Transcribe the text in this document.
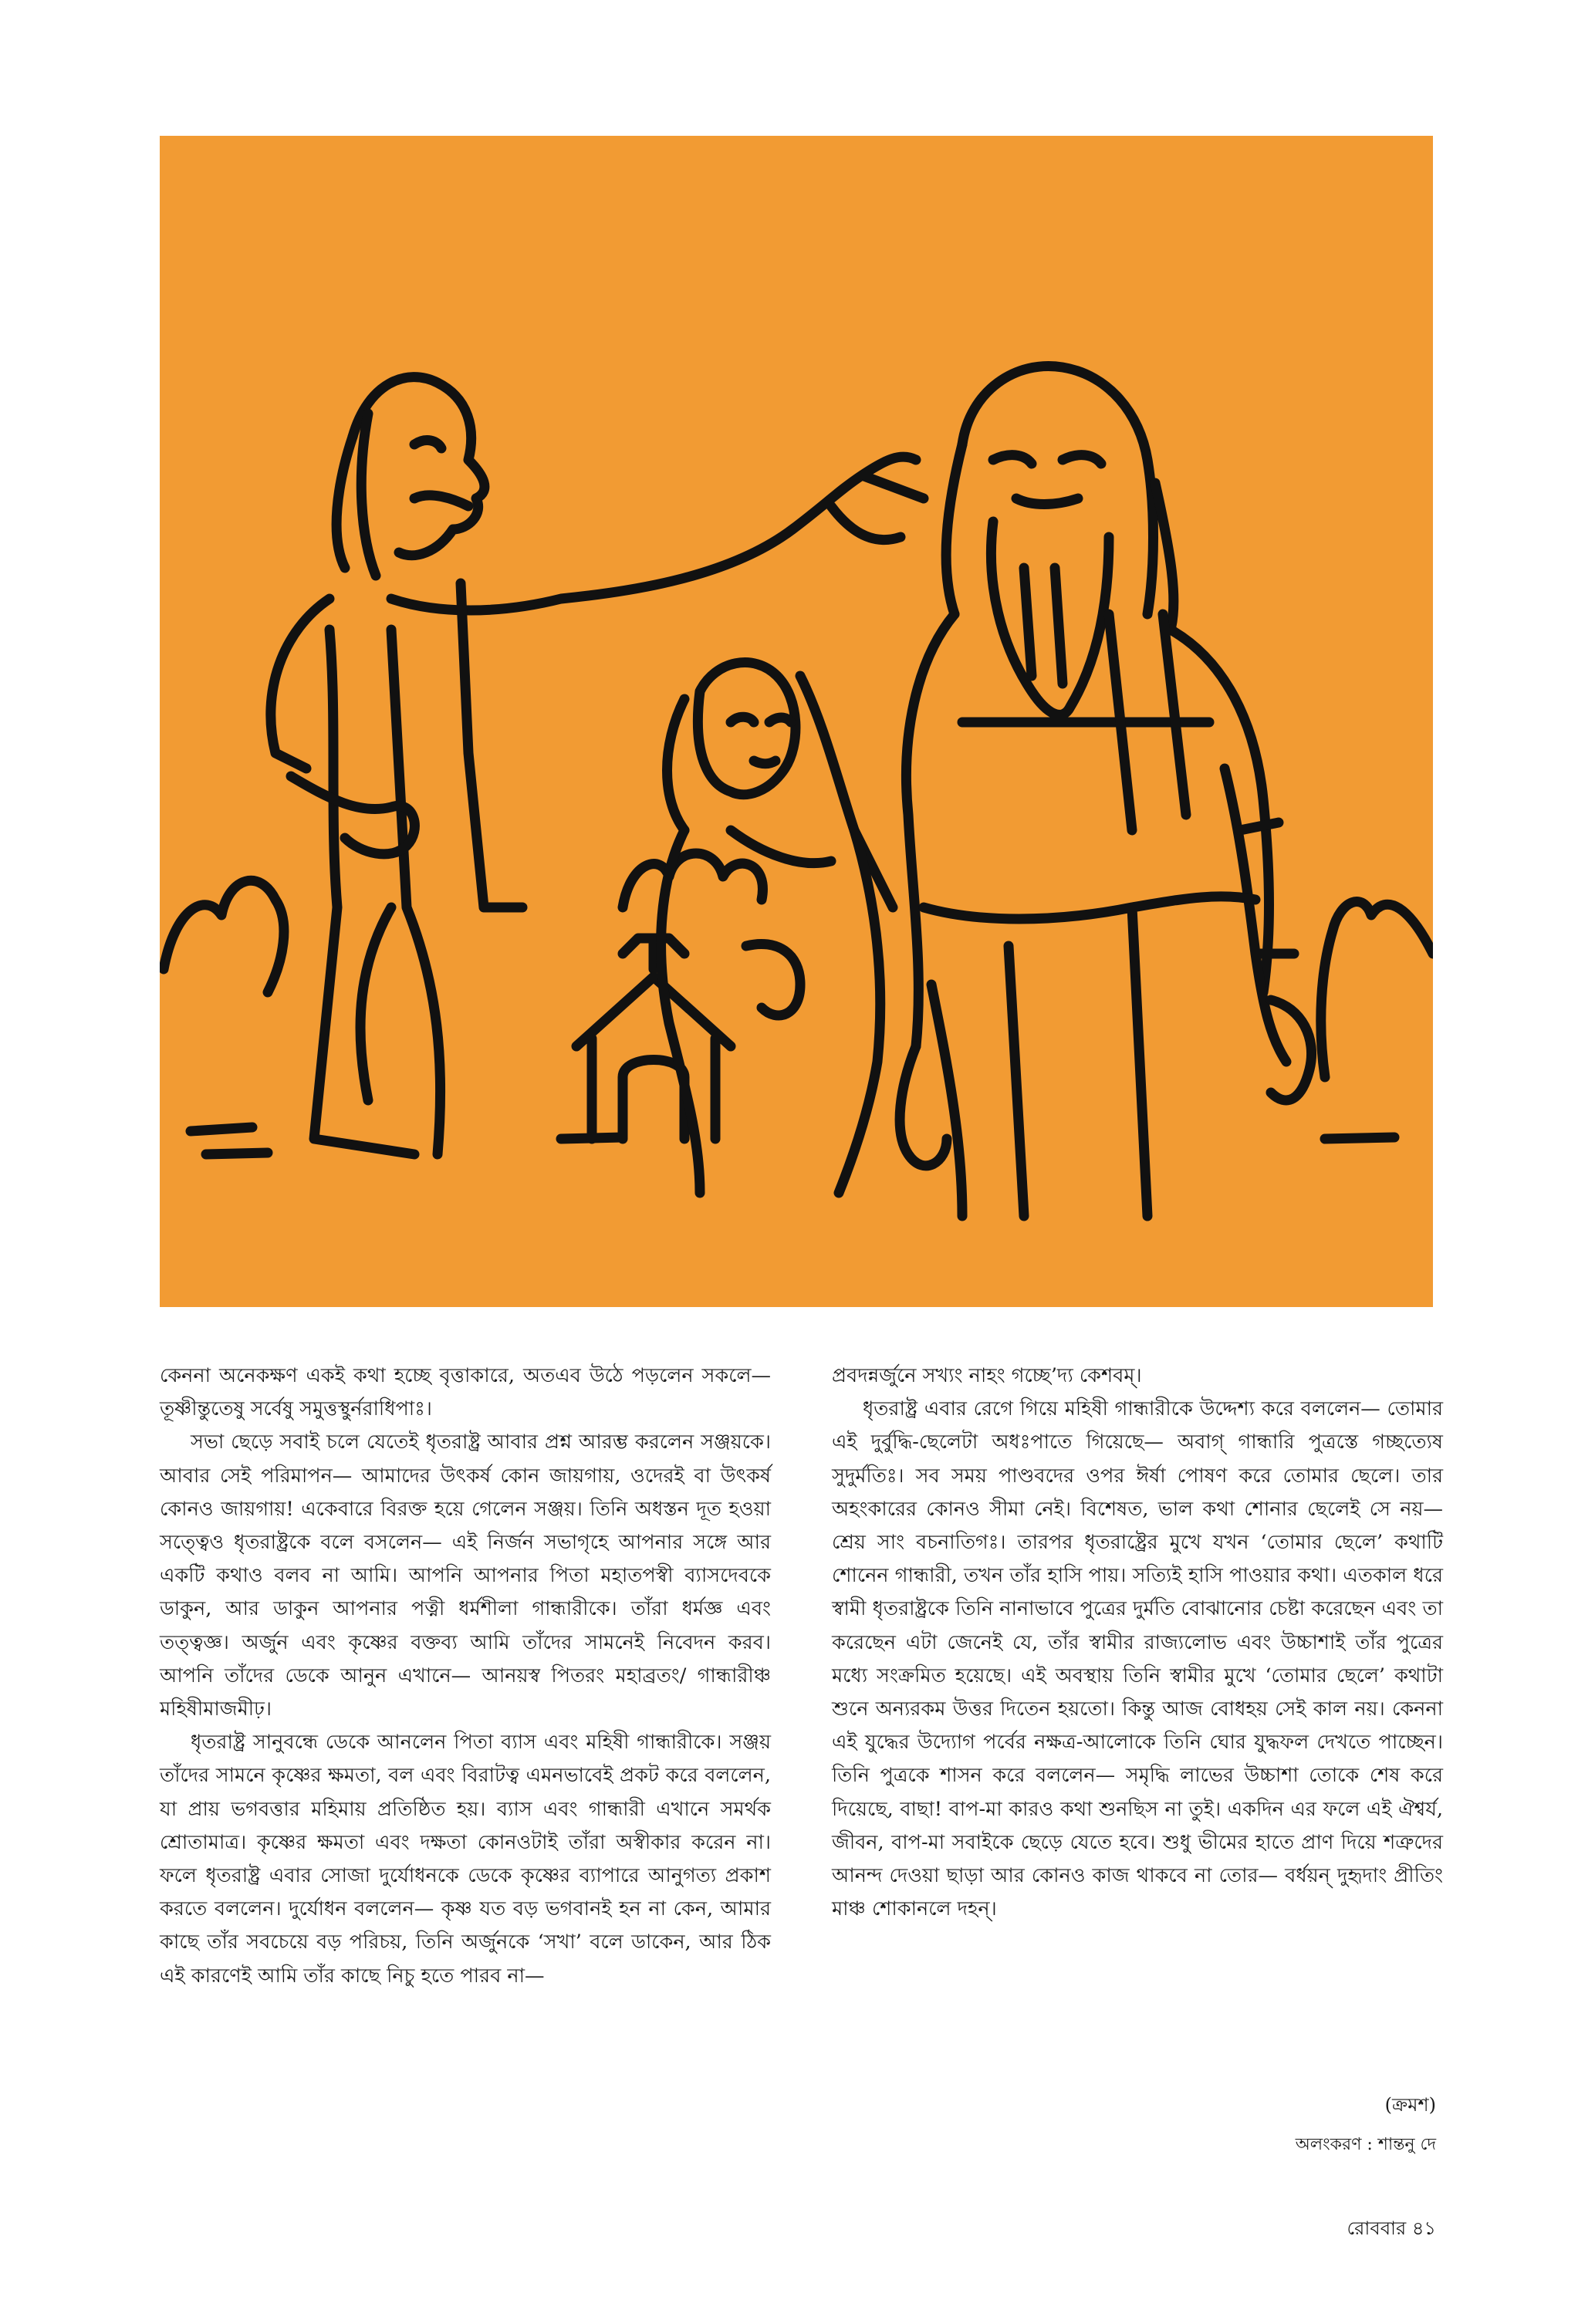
কেননা অনেকক্ষণ একই কথা হচ্ছে বৃত্তাকারে, অতএব উঠে পড়লেন সকলে— তূষ্ণীন্তুতেষু সর্বেষু সমুত্তস্থুর্নরাধিপাঃ।

সভা ছেড়ে সবাই চলে যেতেই ধৃতরাষ্ট্র আবার প্রশ্ন আরম্ভ করলেন সঞ্জয়কে। আবার সেই পরিমাপন— আমাদের উৎকর্ষ কোন জায়গায়, ওদেরই বা উৎকর্ষ কোনও জায়গায়! একেবারে বিরক্ত হয়ে গেলেন সঞ্জয়। তিনি অধস্তন দূত হওয়া সত্ত্বেও ধৃতরাষ্ট্রকে বলে বসলেন— এই নির্জন সভাগৃহে আপনার সঙ্গে আর একটি কথাও বলব না আমি। আপনি আপনার পিতা মহাতপস্বী ব্যাসদেবকে ডাকুন, আর ডাকুন আপনার পত্নী ধর্মশীলা গান্ধারীকে। তাঁরা ধর্মজ্ঞ এবং তত্ত্বজ্ঞ। অর্জুন এবং কৃষ্ণের বক্তব্য আমি তাঁদের সামনেই নিবেদন করব। আপনি তাঁদের ডেকে আনুন এখানে— আনয়স্ব পিতরং মহাব্রতং/ গান্ধারীঞ্চ মহিষীমাজমীঢ়।

ধৃতরাষ্ট্র সানুবন্ধে ডেকে আনলেন পিতা ব্যাস এবং মহিষী গান্ধারীকে। সঞ্জয় তাঁদের সামনে কৃষ্ণের ক্ষমতা, বল এবং বিরাটত্ব এমনভাবেই প্রকট করে বললেন, যা প্রায় ভগবত্তার মহিমায় প্রতিষ্ঠিত হয়। ব্যাস এবং গান্ধারী এখানে সমর্থক শ্রোতামাত্র। কৃষ্ণের ক্ষমতা এবং দক্ষতা কোনওটাই তাঁরা অস্বীকার করেন না। ফলে ধৃতরাষ্ট্র এবার সোজা দুর্যোধনকে ডেকে কৃষ্ণের ব্যাপারে আনুগত্য প্রকাশ করতে বললেন। দুর্যোধন বললেন— কৃষ্ণ যত বড় ভগবানই হন না কেন, আমার কাছে তাঁর সবচেয়ে বড় পরিচয়, তিনি অর্জুনকে ‘সখা’ বলে ডাকেন, আর ঠিক এই কারণেই আমি তাঁর কাছে নিচু হতে পারব না—

প্রবদন্নর্জুনে সখ্যং নাহং গচ্ছে’দ্য কেশবম্।

ধৃতরাষ্ট্র এবার রেগে গিয়ে মহিষী গান্ধারীকে উদ্দেশ্য করে বললেন— তোমার এই দুর্বুদ্ধি-ছেলেটা অধঃপাতে গিয়েছে— অবাগ্ গান্ধারি পুত্রস্তে গচ্ছত্যেষ সুদুর্মতিঃ। সব সময় পাণ্ডবদের ওপর ঈর্ষা পোষণ করে তোমার ছেলে। তার অহংকারের কোনও সীমা নেই। বিশেষত, ভাল কথা শোনার ছেলেই সে নয়— শ্রেয় সাং বচনাতিগঃ। তারপর ধৃতরাষ্ট্রের মুখে যখন ‘তোমার ছেলে’ কথাটি শোনেন গান্ধারী, তখন তাঁর হাসি পায়। সত্যিই হাসি পাওয়ার কথা। এতকাল ধরে স্বামী ধৃতরাষ্ট্রকে তিনি নানাভাবে পুত্রের দুর্মতি বোঝানোর চেষ্টা করেছেন এবং তা করেছেন এটা জেনেই যে, তাঁর স্বামীর রাজ্যলোভ এবং উচ্চাশাই তাঁর পুত্রের মধ্যে সংক্রমিত হয়েছে। এই অবস্থায় তিনি স্বামীর মুখে ‘তোমার ছেলে’ কথাটা শুনে অন্যরকম উত্তর দিতেন হয়তো। কিন্তু আজ বোধহয় সেই কাল নয়। কেননা এই যুদ্ধের উদ্যোগ পর্বের নক্ষত্র-আলোকে তিনি ঘোর যুদ্ধফল দেখতে পাচ্ছেন। তিনি পুত্রকে শাসন করে বললেন— সমৃদ্ধি লাভের উচ্চাশা তোকে শেষ করে দিয়েছে, বাছা! বাপ-মা কারও কথা শুনছিস না তুই। একদিন এর ফলে এই ঐশ্বর্য, জীবন, বাপ-মা সবাইকে ছেড়ে যেতে হবে। শুধু ভীমের হাতে প্রাণ দিয়ে শত্রুদের আনন্দ দেওয়া ছাড়া আর কোনও কাজ থাকবে না তোর— বর্ধয়ন্ দুহৃদাং প্রীতিং মাঞ্চ শোকানলে দহন্।

(ক্রমশ)
অলংকরণ : শান্তনু দে
রোববার ৪১
